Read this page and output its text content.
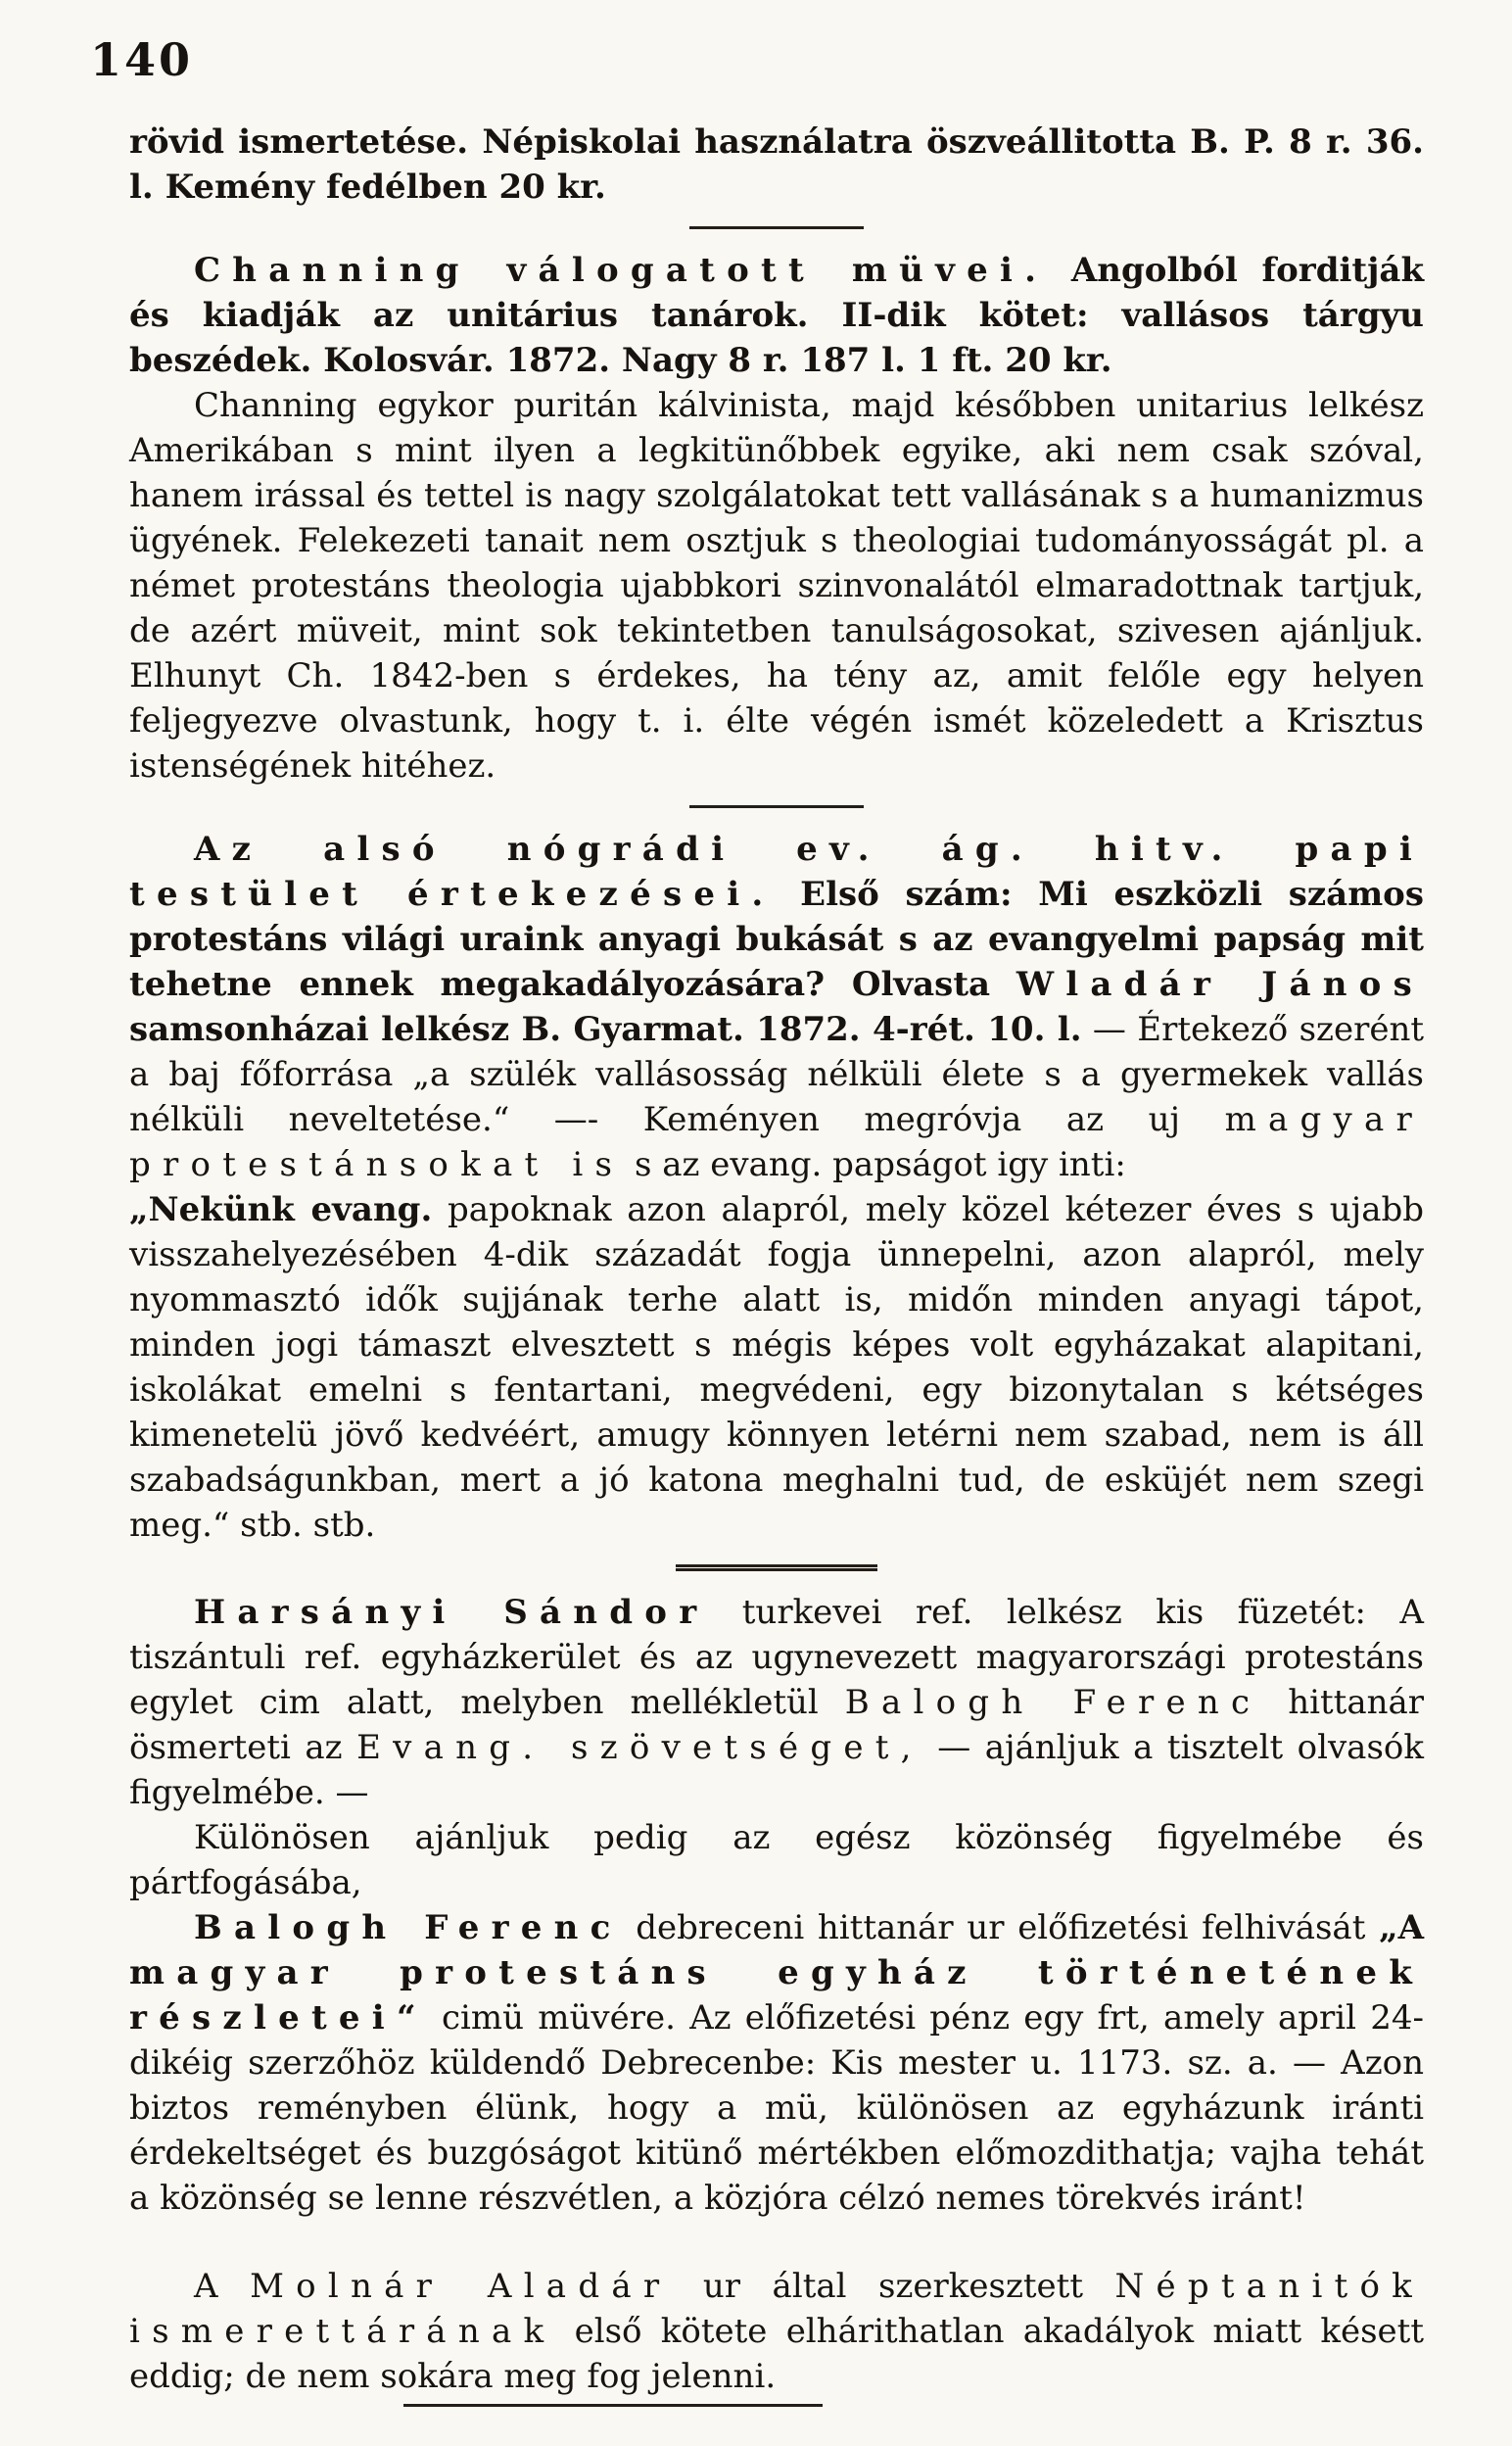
140

rövid ismertetése. Népiskolai használatra öszveállitotta B. P. 8 r. 36. l. Kemény fedélben 20 kr.

Channing válogatott müvei. Angolból forditják és kiadják az unitárius tanárok. II-dik kötet: vallásos tárgyu beszédek. Kolosvár. 1872. Nagy 8 r. 187 l. 1 ft. 20 kr.

Channing egykor puritán kálvinista, majd későbben unitarius lelkész Amerikában s mint ilyen a legkitünőbbek egyike, aki nem csak szóval, hanem irással és tettel is nagy szolgálatokat tett vallásának s a humanizmus ügyének. Felekezeti tanait nem osztjuk s theologiai tudományosságát pl. a német protestáns theologia ujabbkori szinvonalától elmaradottnak tartjuk, de azért müveit, mint sok tekintetben tanulságosokat, szivesen ajánljuk. Elhunyt Ch. 1842-ben s érdekes, ha tény az, amit felőle egy helyen feljegyezve olvastunk, hogy t. i. élte végén ismét közeledett a Krisztus istenségének hitéhez.

Az alsó nógrádi ev. ág. hitv. papi testület értekezései. Első szám: Mi eszközli számos protestáns világi uraink anyagi bukását s az evangyelmi papság mit tehetne ennek megakadályozására? Olvasta Wladár János samsonházai lelkész B. Gyarmat. 1872. 4-rét. 10. l. — Értekező szerént a baj főforrása „a szülék vallásosság nélküli élete s a gyermekek vallás nélküli neveltetése.“ —- Keményen megróvja az uj magyar protestánsokat is s az evang. papságot igy inti:

„Nekünk evang. papoknak azon alapról, mely közel kétezer éves s ujabb visszahelyezésében 4-dik századát fogja ünnepelni, azon alapról, mely nyommasztó idők sujjának terhe alatt is, midőn minden anyagi tápot, minden jogi támaszt elvesztett s mégis képes volt egyházakat alapitani, iskolákat emelni s fentartani, megvédeni, egy bizonytalan s kétséges kimenetelü jövő kedvéért, amugy könnyen letérni nem szabad, nem is áll szabadságunkban, mert a jó katona meghalni tud, de esküjét nem szegi meg.“ stb. stb.

Harsányi Sándor turkevei ref. lelkész kis füzetét: A tiszántuli ref. egyházkerület és az ugynevezett magyarországi protestáns egylet cim alatt, melyben mellékletül Balogh Ferenc hittanár ösmerteti az Evang. szövetséget, — ajánljuk a tisztelt olvasók figyelmébe. —

Különösen ajánljuk pedig az egész közönség figyelmébe és pártfogásába,

Balogh Ferenc debreceni hittanár ur előfizetési felhivását „A magyar protestáns egyház történetének részletei“ cimü müvére. Az előfizetési pénz egy frt, amely april 24-dikéig szerzőhöz küldendő Debrecenbe: Kis mester u. 1173. sz. a. — Azon biztos reményben élünk, hogy a mü, különösen az egyházunk iránti érdekeltséget és buzgóságot kitünő mértékben előmozdithatja; vajha tehát a közönség se lenne részvétlen, a közjóra célzó nemes törekvés iránt!

A Molnár Aladár ur által szerkesztett Néptanitók ismerettárának első kötete elhárithatlan akadályok miatt késett eddig; de nem sokára meg fog jelenni.
